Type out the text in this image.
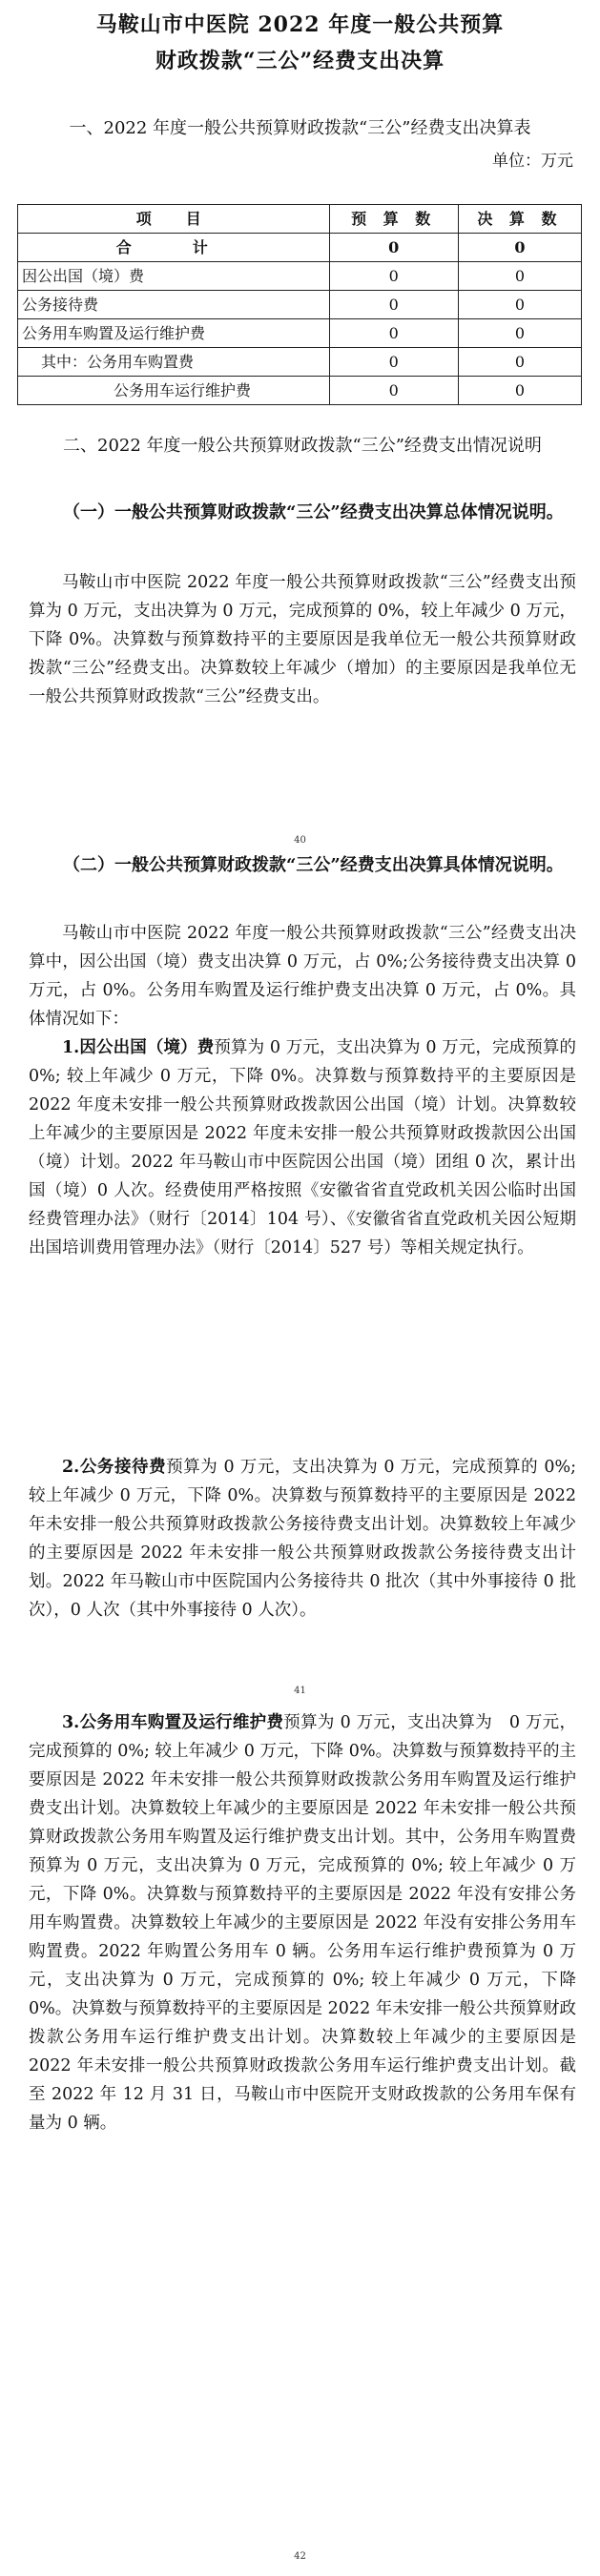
马鞍山市中医院 2022 年度一般公共预算
财政拨款“三公”经费支出决算
一、2022 年度一般公共预算财政拨款“三公”经费支出决算表
单位：万元
项　目	预 算 数	决 算 数
合　计	0	0
因公出国（境）费	0	0
公务接待费	0	0
公务用车购置及运行维护费	0	0
其中：公务用车购置费	0	0
公务用车运行维护费	0	0
二、2022 年度一般公共预算财政拨款“三公”经费支出情况说明
（一）一般公共预算财政拨款“三公”经费支出决算总体情况说明。
马鞍山市中医院 2022 年度一般公共预算财政拨款“三公”经费支出预算为 0 万元，支出决算为 0 万元，完成预算的 0%，较上年减少 0 万元，下降 0%。决算数与预算数持平的主要原因是我单位无一般公共预算财政拨款“三公”经费支出。决算数较上年减少（增加）的主要原因是我单位无一般公共预算财政拨款“三公”经费支出。
40
（二）一般公共预算财政拨款“三公”经费支出决算具体情况说明。
马鞍山市中医院 2022 年度一般公共预算财政拨款“三公”经费支出决算中，因公出国（境）费支出决算 0 万元，占 0%;公务接待费支出决算 0 万元，占 0%。公务用车购置及运行维护费支出决算 0 万元，占 0%。具体情况如下：
1.因公出国（境）费预算为 0 万元，支出决算为 0 万元，完成预算的 0%; 较上年减少 0 万元，下降 0%。决算数与预算数持平的主要原因是 2022 年度未安排一般公共预算财政拨款因公出国（境）计划。决算数较上年减少的主要原因是 2022 年度未安排一般公共预算财政拨款因公出国（境）计划。2022 年马鞍山市中医院因公出国（境）团组 0 次，累计出国（境）0 人次。经费使用严格按照《安徽省省直党政机关因公临时出国经费管理办法》（财行〔2014〕104 号）、《安徽省省直党政机关因公短期出国培训费用管理办法》（财行〔2014〕527 号）等相关规定执行。
2.公务接待费预算为 0 万元，支出决算为 0 万元，完成预算的 0%; 较上年减少 0 万元，下降 0%。决算数与预算数持平的主要原因是 2022 年未安排一般公共预算财政拨款公务接待费支出计划。决算数较上年减少的主要原因是 2022 年未安排一般公共预算财政拨款公务接待费支出计划。2022 年马鞍山市中医院国内公务接待共 0 批次（其中外事接待 0 批次），0 人次（其中外事接待 0 人次）。
41
3.公务用车购置及运行维护费预算为 0 万元，支出决算为　0 万元，完成预算的 0%; 较上年减少 0 万元，下降 0%。决算数与预算数持平的主要原因是 2022 年未安排一般公共预算财政拨款公务用车购置及运行维护费支出计划。决算数较上年减少的主要原因是 2022 年未安排一般公共预算财政拨款公务用车购置及运行维护费支出计划。其中，公务用车购置费预算为 0 万元，支出决算为 0 万元，完成预算的 0%; 较上年减少 0 万元，下降 0%。决算数与预算数持平的主要原因是 2022 年没有安排公务用车购置费。决算数较上年减少的主要原因是 2022 年没有安排公务用车购置费。2022 年购置公务用车 0 辆。公务用车运行维护费预算为 0 万元，支出决算为 0 万元，完成预算的 0%; 较上年减少 0 万元，下降 0%。决算数与预算数持平的主要原因是 2022 年未安排一般公共预算财政拨款公务用车运行维护费支出计划。决算数较上年减少的主要原因是 2022 年未安排一般公共预算财政拨款公务用车运行维护费支出计划。截至 2022 年 12 月 31 日，马鞍山市中医院开支财政拨款的公务用车保有量为 0 辆。
42
